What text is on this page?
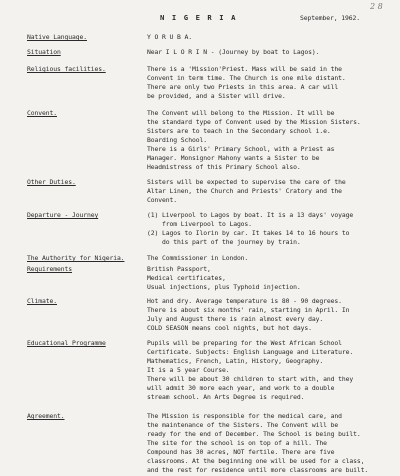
2 8
N I G E R I A	September, 1962.
Native Language.	Y O R U B A.
Situation	Near I L O R I N - (Journey by boat to Lagos).
Religious facilities.	There is a 'Mission'Priest. Mass will be said in the
Convent in term time. The Church is one mile distant.
There are only two Priests in this area. A car will
be provided, and a Sister will drive.
Convent.	The Convent will belong to the Mission. It will be
the standard type of Convent used by the Mission Sisters.
Sisters are to teach in the Secondary school i.e.
Boarding School.
There is a Girls' Primary School, with a Priest as
Manager. Monsignor Mahony wants a Sister to be
Headmistress of this Primary School also.
Other Duties.	Sisters will be expected to supervise the care of the
Altar Linen, the Church and Priests' Cratory and the
Convent.
Departure - Journey	(1) Liverpool to Lagos by boat. It is a 13 days' voyage
from Liverpool to Lagos.
(2) Lagos to Ilorin by car. It takes 14 to 16 hours to
do this part of the journey by train.
The Authority for Nigeria.	The Commissioner in London.
Requirements	British Passport,
Medical certificates,
Usual injections, plus Typhoid injection.
Climate.	Hot and dry. Average temperature is 80 - 90 degrees.
There is about six months' rain, starting in April. In
July and August there is rain almost every day.
COLD SEASON means cool nights, but hot days.
Educational Programme	Pupils will be preparing for the West African School
Certificate. Subjects: English Language and Literature.
Mathematics, French, Latin, History, Geography.
It is a 5 year Course.
There will be about 30 children to start with, and they
will admit 30 more each year, and work to a double
stream school. An Arts Degree is required.
Agreement.	The Mission is responsible for the medical care, and
the maintenance of the Sisters. The Convent will be
ready for the end of December. The School is being built.
The site for the school is on top of a hill. The
Compound has 30 acres, NOT fertile. There are five
classrooms. At the beginning one will be used for a class,
and the rest for residence until more classrooms are built.
